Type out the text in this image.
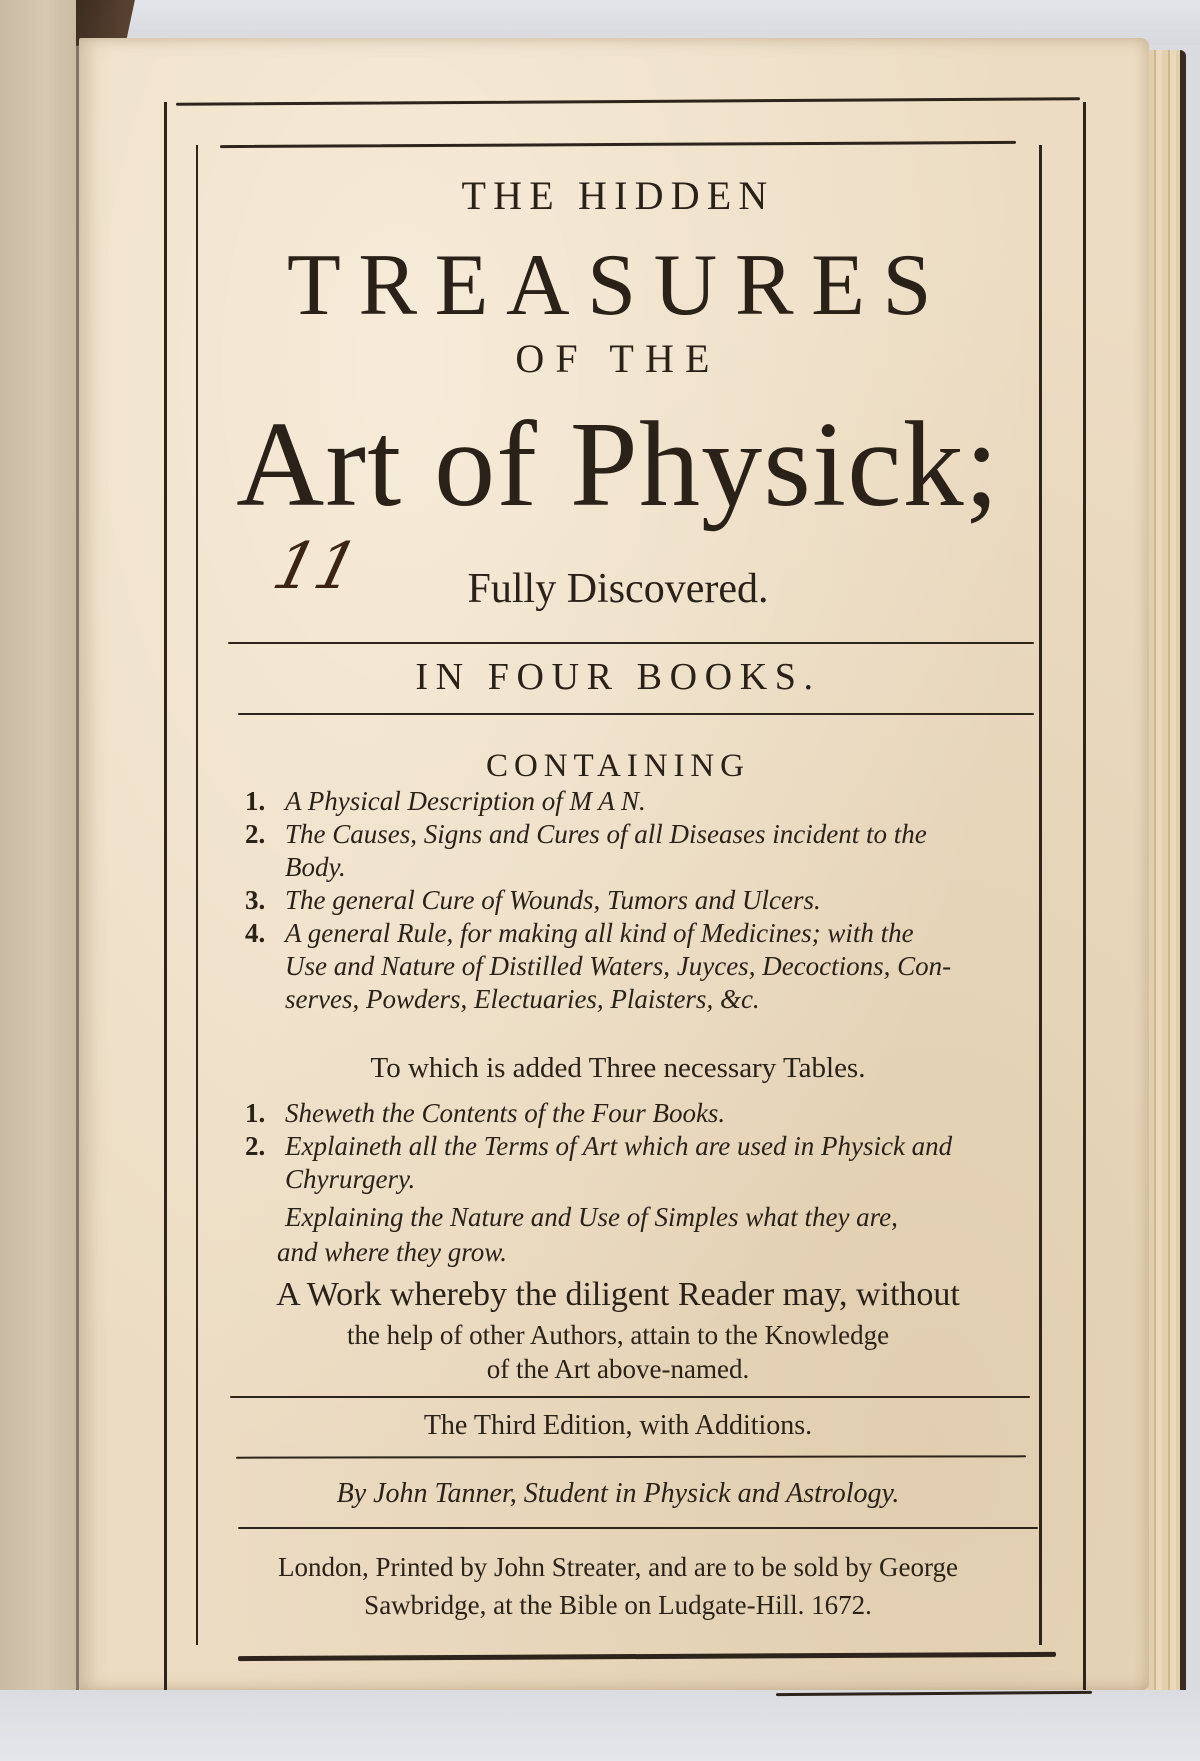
THE HIDDEN
TREASURES
OF THE
Art of Physick;
11	Fully Discovered.
IN FOUR BOOKS.
CONTAINING
1. A Physical Description of M A N.
2. The Causes, Signs and Cures of all Diseases incident to the
Body.
3. The general Cure of Wounds, Tumors and Ulcers.
4. A general Rule, for making all kind of Medicines; with the
Use and Nature of Distilled Waters, Juyces, Decoctions, Con-
serves, Powders, Electuaries, Plaisters, &c.
To which is added Three necessary Tables.
1. Sheweth the Contents of the Four Books.
2. Explaineth all the Terms of Art which are used in Physick and
Chyrurgery.
Explaining the Nature and Use of Simples what they are,
and where they grow.
A Work whereby the diligent Reader may, without
the help of other Authors, attain to the Knowledge
of the Art above-named.
The Third Edition, with Additions.
By John Tanner, Student in Physick and Astrology.
London, Printed by John Streater, and are to be sold by George
Sawbridge, at the Bible on Ludgate-Hill. 1672.
